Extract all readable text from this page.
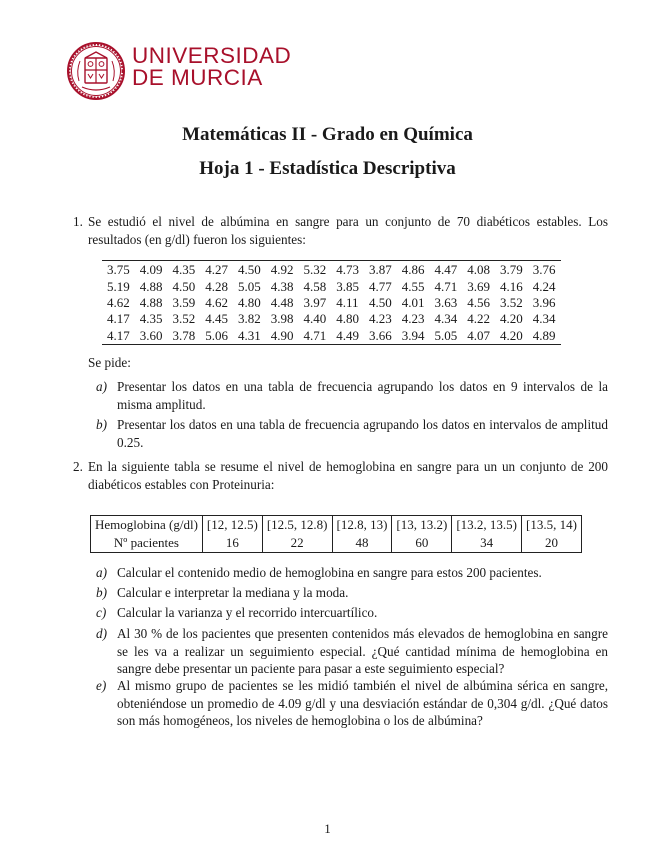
UNIVERSIDAD
DE MURCIA
Matemáticas II - Grado en Química
Hoja 1 - Estadística Descriptiva
1. Se estudió el nivel de albúmina en sangre para un conjunto de 70 diabéticos estables. Los resultados (en g/dl) fueron los siguientes:
3.75	4.09	4.35	4.27	4.50	4.92	5.32	4.73	3.87	4.86	4.47	4.08	3.79	3.76
5.19	4.88	4.50	4.28	5.05	4.38	4.58	3.85	4.77	4.55	4.71	3.69	4.16	4.24
4.62	4.88	3.59	4.62	4.80	4.48	3.97	4.11	4.50	4.01	3.63	4.56	3.52	3.96
4.17	4.35	3.52	4.45	3.82	3.98	4.40	4.80	4.23	4.23	4.34	4.22	4.20	4.34
4.17	3.60	3.78	5.06	4.31	4.90	4.71	4.49	3.66	3.94	5.05	4.07	4.20	4.89
Se pide:
a) Presentar los datos en una tabla de frecuencia agrupando los datos en 9 intervalos de la misma amplitud.
b) Presentar los datos en una tabla de frecuencia agrupando los datos en intervalos de amplitud 0.25.
2. En la siguiente tabla se resume el nivel de hemoglobina en sangre para un un conjunto de 200 diabéticos estables con Proteinuria:
Hemoglobina (g/dl)	[12, 12.5)	[12.5, 12.8)	[12.8, 13)	[13, 13.2)	[13.2, 13.5)	[13.5, 14)
Nº pacientes	16	22	48	60	34	20
a) Calcular el contenido medio de hemoglobina en sangre para estos 200 pacientes.
b) Calcular e interpretar la mediana y la moda.
c) Calcular la varianza y el recorrido intercuartílico.
d) Al 30 % de los pacientes que presenten contenidos más elevados de hemoglobina en sangre se les va a realizar un seguimiento especial. ¿Qué cantidad mínima de hemoglobina en sangre debe presentar un paciente para pasar a este seguimiento especial?
e) Al mismo grupo de pacientes se les midió también el nivel de albúmina sérica en sangre, obteniéndose un promedio de 4.09 g/dl y una desviación estándar de 0,304 g/dl. ¿Qué datos son más homogéneos, los niveles de hemoglobina o los de albúmina?
1
